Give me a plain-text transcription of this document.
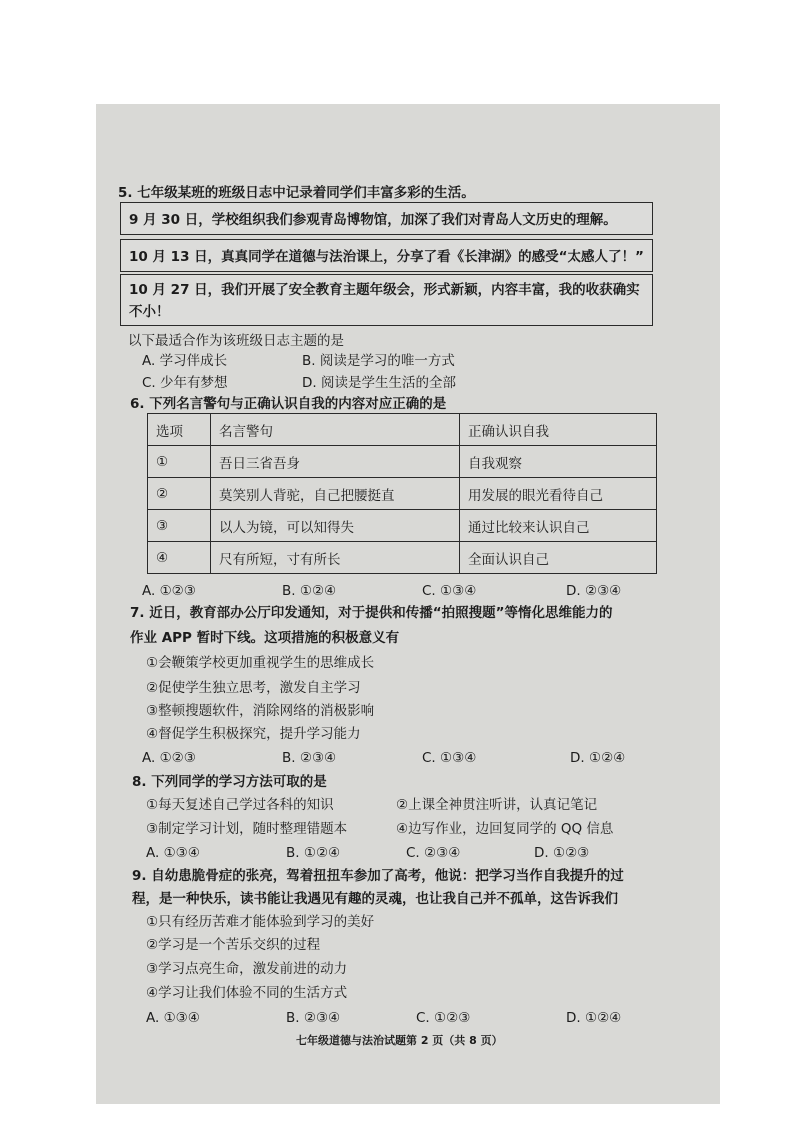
5. 七年级某班的班级日志中记录着同学们丰富多彩的生活。
9 月 30 日，学校组织我们参观青岛博物馆，加深了我们对青岛人文历史的理解。
10 月 13 日，真真同学在道德与法治课上，分享了看《长津湖》的感受“太感人了！”
10 月 27 日，我们开展了安全教育主题年级会，形式新颖，内容丰富，我的收获确实不小！
以下最适合作为该班级日志主题的是
A. 学习伴成长	B. 阅读是学习的唯一方式
C. 少年有梦想	D. 阅读是学生生活的全部
6. 下列名言警句与正确认识自我的内容对应正确的是
选项	名言警句	正确认识自我
①	吾日三省吾身	自我观察
②	莫笑别人背驼，自己把腰挺直	用发展的眼光看待自己
③	以人为镜，可以知得失	通过比较来认识自己
④	尺有所短，寸有所长	全面认识自己
A. ①②③	B. ①②④	C. ①③④	D. ②③④
7. 近日，教育部办公厅印发通知，对于提供和传播“拍照搜题”等惰化思维能力的
作业 APP 暂时下线。这项措施的积极意义有
①会鞭策学校更加重视学生的思维成长
②促使学生独立思考，激发自主学习
③整顿搜题软件，消除网络的消极影响
④督促学生积极探究，提升学习能力
A. ①②③	B. ②③④	C. ①③④	D. ①②④
8. 下列同学的学习方法可取的是
①每天复述自己学过各科的知识	②上课全神贯注听讲，认真记笔记
③制定学习计划，随时整理错题本	④边写作业，边回复同学的 QQ 信息
A. ①③④	B. ①②④	C. ②③④	D. ①②③
9. 自幼患脆骨症的张亮，驾着扭扭车参加了高考，他说：把学习当作自我提升的过
程，是一种快乐，读书能让我遇见有趣的灵魂，也让我自己并不孤单，这告诉我们
①只有经历苦难才能体验到学习的美好
②学习是一个苦乐交织的过程
③学习点亮生命，激发前进的动力
④学习让我们体验不同的生活方式
A. ①③④	B. ②③④	C. ①②③	D. ①②④
七年级道德与法治试题第 2 页（共 8 页）
